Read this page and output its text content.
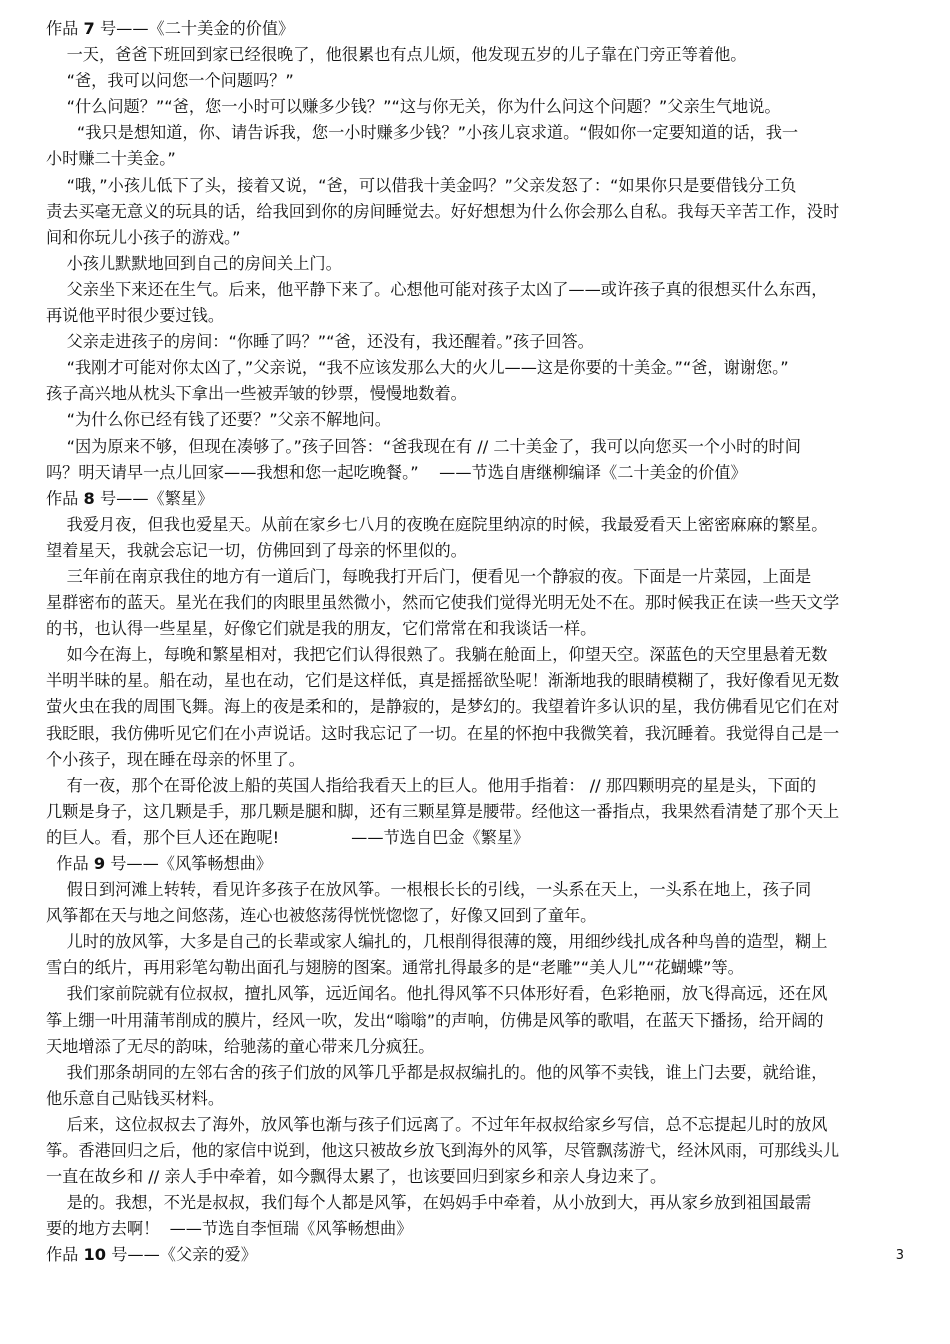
作品 7 号——《二十美金的价值》
一天，爸爸下班回到家已经很晚了，他很累也有点儿烦，他发现五岁的儿子靠在门旁正等着他。
“爸，我可以问您一个问题吗？”
“什么问题？”“爸，您一小时可以赚多少钱？”“这与你无关，你为什么问这个问题？”父亲生气地说。
“我只是想知道，你、请告诉我，您一小时赚多少钱？”小孩儿哀求道。“假如你一定要知道的话，我一
小时赚二十美金。”
“哦，”小孩儿低下了头，接着又说，“爸，可以借我十美金吗？”父亲发怒了：“如果你只是要借钱分工负
责去买毫无意义的玩具的话，给我回到你的房间睡觉去。好好想想为什么你会那么自私。我每天辛苦工作，没时
间和你玩儿小孩子的游戏。”
小孩儿默默地回到自己的房间关上门。
父亲坐下来还在生气。后来，他平静下来了。心想他可能对孩子太凶了——或许孩子真的很想买什么东西，
再说他平时很少要过钱。
父亲走进孩子的房间：“你睡了吗？”“爸，还没有，我还醒着。”孩子回答。
“我刚才可能对你太凶了，”父亲说，“我不应该发那么大的火儿——这是你要的十美金。”“爸，谢谢您。”
孩子高兴地从枕头下拿出一些被弄皱的钞票，慢慢地数着。
“为什么你已经有钱了还要？”父亲不解地问。
“因为原来不够，但现在凑够了。”孩子回答：“爸我现在有 // 二十美金了，我可以向您买一个小时的时间
吗？明天请早一点儿回家——我想和您一起吃晚餐。”    ——节选自唐继柳编译《二十美金的价值》
作品 8 号——《繁星》
我爱月夜，但我也爱星天。从前在家乡七八月的夜晚在庭院里纳凉的时候，我最爱看天上密密麻麻的繁星。
望着星天，我就会忘记一切，仿佛回到了母亲的怀里似的。
三年前在南京我住的地方有一道后门，每晚我打开后门，便看见一个静寂的夜。下面是一片菜园，上面是
星群密布的蓝天。星光在我们的肉眼里虽然微小，然而它使我们觉得光明无处不在。那时候我正在读一些天文学
的书，也认得一些星星，好像它们就是我的朋友，它们常常在和我谈话一样。
如今在海上，每晚和繁星相对，我把它们认得很熟了。我躺在舱面上，仰望天空。深蓝色的天空里悬着无数
半明半昧的星。船在动，星也在动，它们是这样低，真是摇摇欲坠呢！渐渐地我的眼睛模糊了，我好像看见无数
萤火虫在我的周围飞舞。海上的夜是柔和的，是静寂的，是梦幻的。我望着许多认识的星，我仿佛看见它们在对
我眨眼，我仿佛听见它们在小声说话。这时我忘记了一切。在星的怀抱中我微笑着，我沉睡着。我觉得自己是一
个小孩子，现在睡在母亲的怀里了。
有一夜，那个在哥伦波上船的英国人指给我看天上的巨人。他用手指着： // 那四颗明亮的星是头，下面的
几颗是身子，这几颗是手，那几颗是腿和脚，还有三颗星算是腰带。经他这一番指点，我果然看清楚了那个天上
的巨人。看，那个巨人还在跑呢!              ——节选自巴金《繁星》
作品 9 号——《风筝畅想曲》
假日到河滩上转转，看见许多孩子在放风筝。一根根长长的引线，一头系在天上，一头系在地上，孩子同
风筝都在天与地之间悠荡，连心也被悠荡得恍恍惚惚了，好像又回到了童年。
儿时的放风筝，大多是自己的长辈或家人编扎的，几根削得很薄的篾，用细纱线扎成各种鸟兽的造型，糊上
雪白的纸片，再用彩笔勾勒出面孔与翅膀的图案。通常扎得最多的是“老雕”“美人儿”“花蝴蝶”等。
我们家前院就有位叔叔，擅扎风筝，远近闻名。他扎得风筝不只体形好看，色彩艳丽，放飞得高远，还在风
筝上绷一叶用蒲苇削成的膜片，经风一吹，发出“嗡嗡”的声响，仿佛是风筝的歌唱，在蓝天下播扬，给开阔的
天地增添了无尽的韵味，给驰荡的童心带来几分疯狂。
我们那条胡同的左邻右舍的孩子们放的风筝几乎都是叔叔编扎的。他的风筝不卖钱，谁上门去要，就给谁，
他乐意自己贴钱买材料。
后来，这位叔叔去了海外，放风筝也渐与孩子们远离了。不过年年叔叔给家乡写信，总不忘提起儿时的放风
筝。香港回归之后，他的家信中说到，他这只被故乡放飞到海外的风筝，尽管飘荡游弋，经沐风雨，可那线头儿
一直在故乡和 // 亲人手中牵着，如今飘得太累了，也该要回归到家乡和亲人身边来了。
是的。我想，不光是叔叔，我们每个人都是风筝，在妈妈手中牵着，从小放到大，再从家乡放到祖国最需
要的地方去啊！  ——节选自李恒瑞《风筝畅想曲》
作品 10 号——《父亲的爱》	3
